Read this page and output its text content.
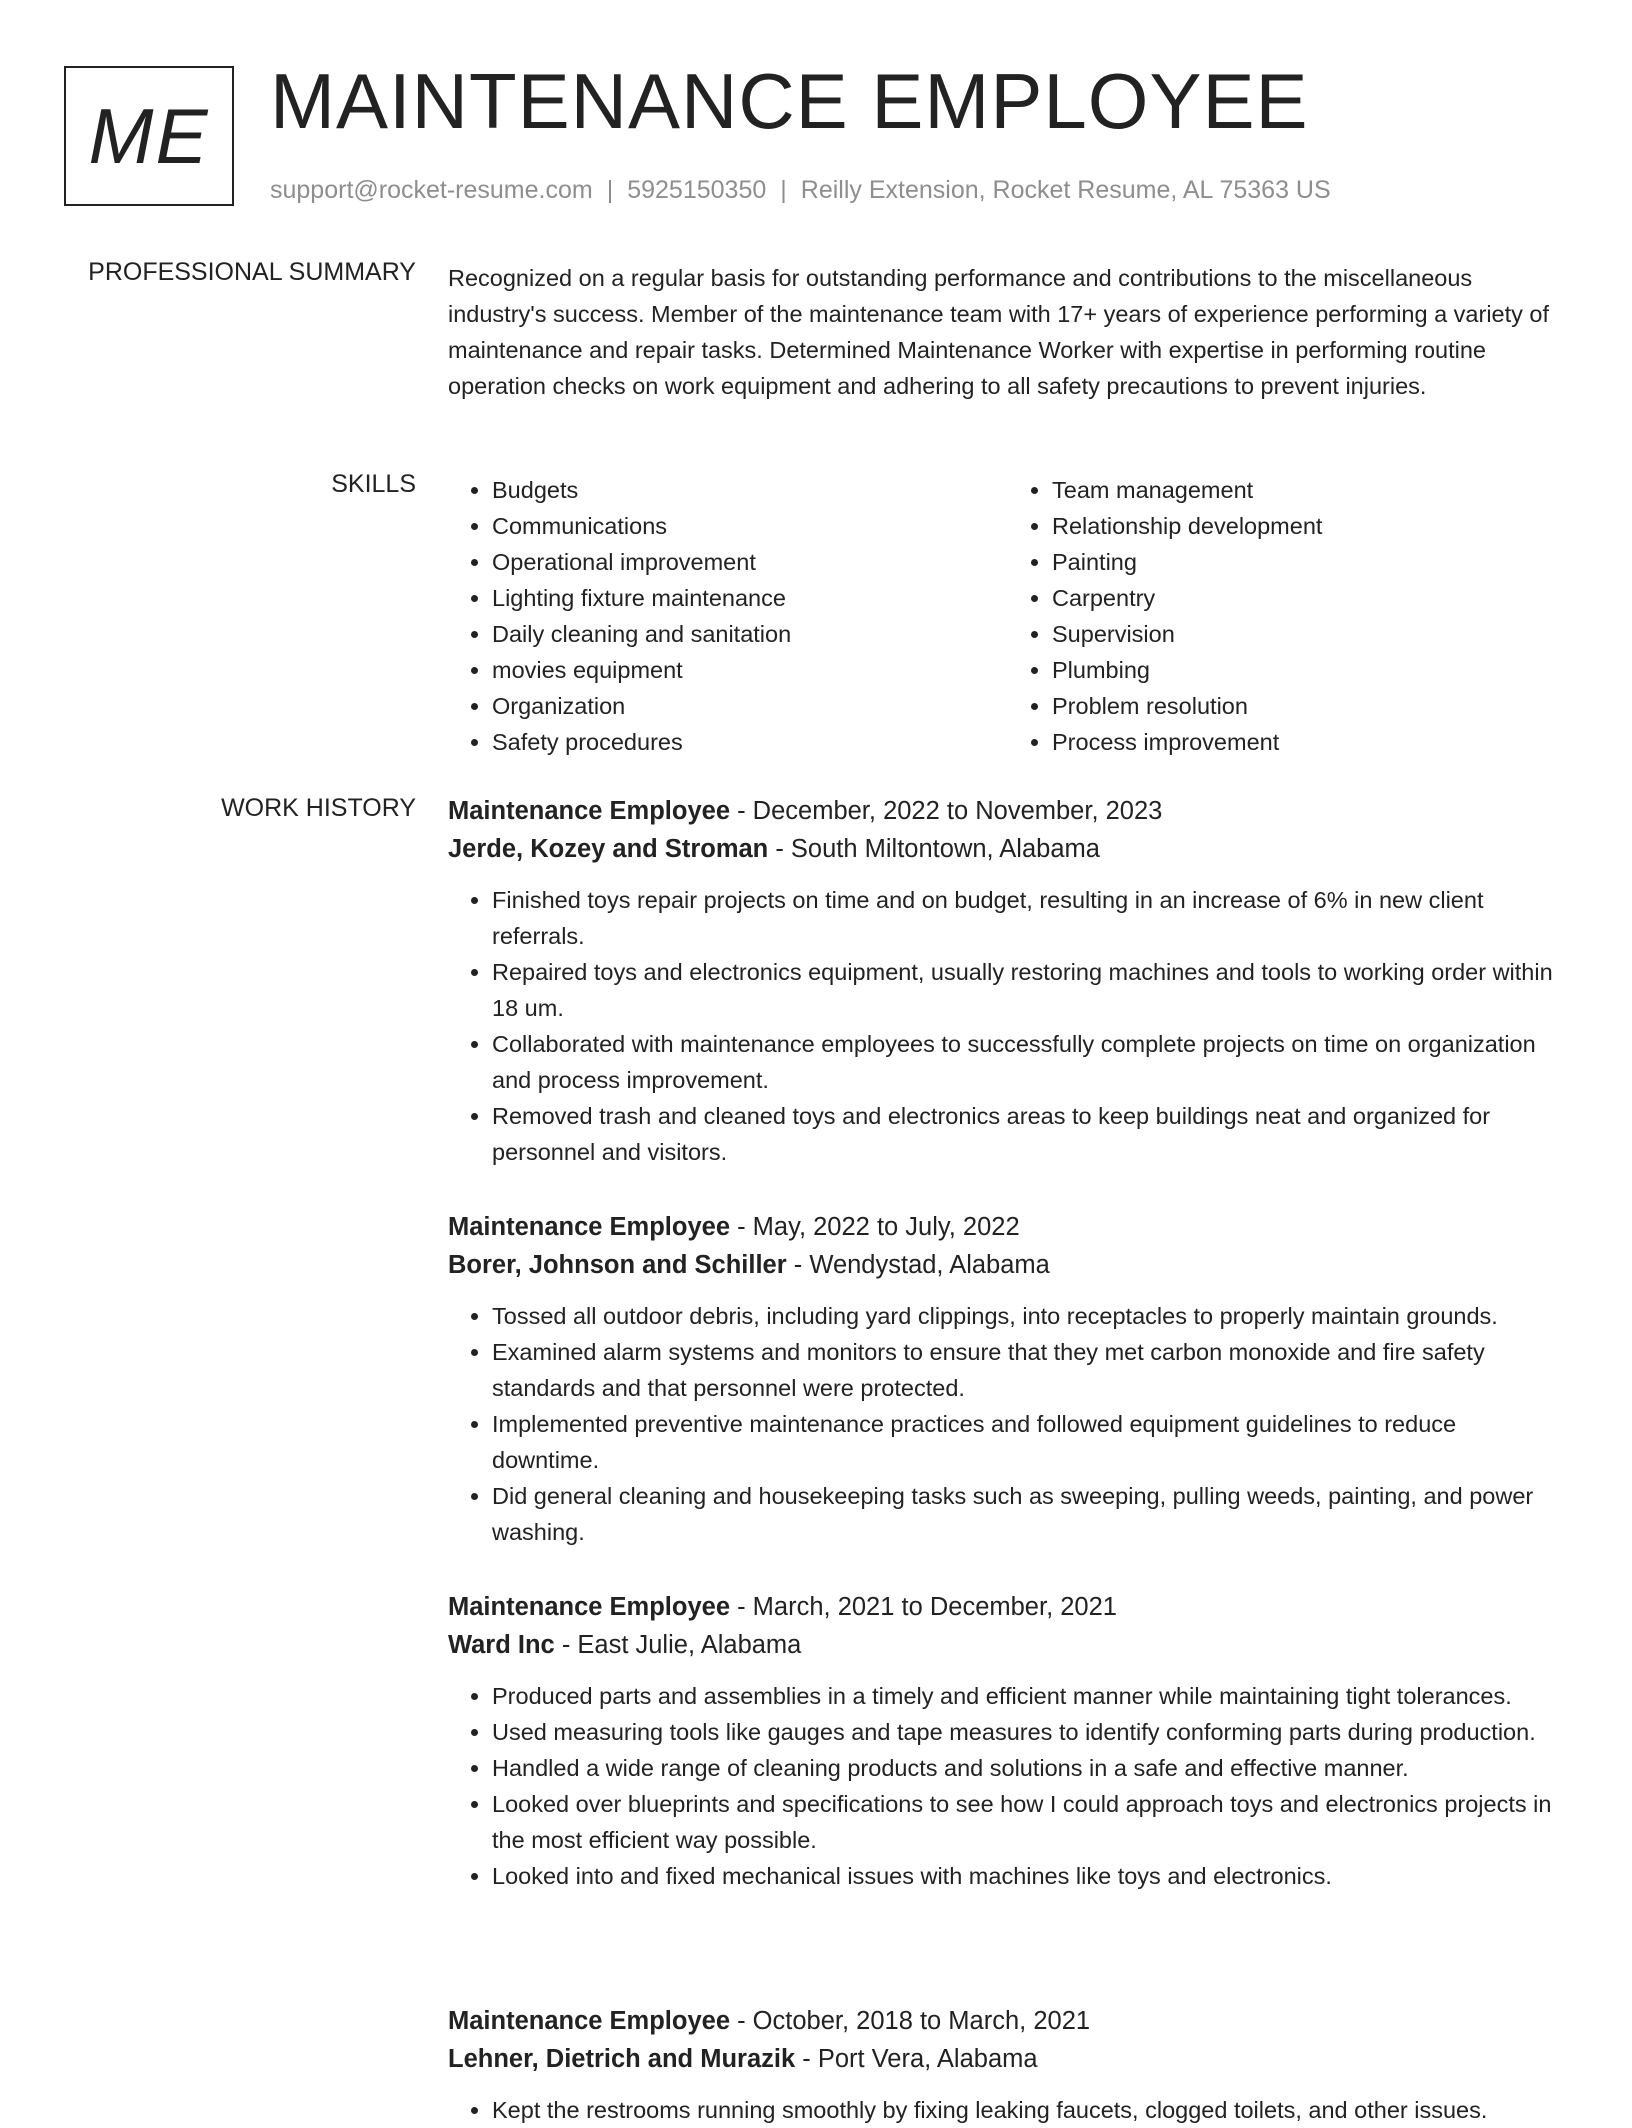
ME MAINTENANCE EMPLOYEE
support@rocket-resume.com | 5925150350 | Reilly Extension, Rocket Resume, AL 75363 US
PROFESSIONAL SUMMARY Recognized on a regular basis for outstanding performance and contributions to the miscellaneous industry's success. Member of the maintenance team with 17+ years of experience performing a variety of maintenance and repair tasks. Determined Maintenance Worker with expertise in performing routine operation checks on work equipment and adhering to all safety precautions to prevent injuries.
SKILLS
•	Budgets
• Communications
• Operational improvement
• Lighting fixture maintenance
• Daily cleaning and sanitation
• movies equipment
• Organization
• Safety procedures
• Team management
• Relationship development
• Painting
• Carpentry
• Supervision
• Plumbing
• Problem resolution
• Process improvement
WORK HISTORY Maintenance Employee - December, 2022 to November, 2023
Jerde, Kozey and Stroman - South Miltontown, Alabama
• Finished toys repair projects on time and on budget, resulting in an increase of 6% in new client referrals.
• Repaired toys and electronics equipment, usually restoring machines and tools to working order within 18 um.
• Collaborated with maintenance employees to successfully complete projects on time on organization and process improvement.
• Removed trash and cleaned toys and electronics areas to keep buildings neat and organized for personnel and visitors.
Maintenance Employee - May, 2022 to July, 2022
Borer, Johnson and Schiller - Wendystad, Alabama
• Tossed all outdoor debris, including yard clippings, into receptacles to properly maintain grounds.
• Examined alarm systems and monitors to ensure that they met carbon monoxide and fire safety standards and that personnel were protected.
• Implemented preventive maintenance practices and followed equipment guidelines to reduce downtime.
• Did general cleaning and housekeeping tasks such as sweeping, pulling weeds, painting, and power washing.
Maintenance Employee - March, 2021 to December, 2021
Ward Inc - East Julie, Alabama
• Produced parts and assemblies in a timely and efficient manner while maintaining tight tolerances.
• Used measuring tools like gauges and tape measures to identify conforming parts during production.
• Handled a wide range of cleaning products and solutions in a safe and effective manner.
• Looked over blueprints and specifications to see how I could approach toys and electronics projects in the most efficient way possible.
• Looked into and fixed mechanical issues with machines like toys and electronics.
Maintenance Employee - October, 2018 to March, 2021
Lehner, Dietrich and Murazik - Port Vera, Alabama
• Kept the restrooms running smoothly by fixing leaking faucets, clogged toilets, and other issues.
